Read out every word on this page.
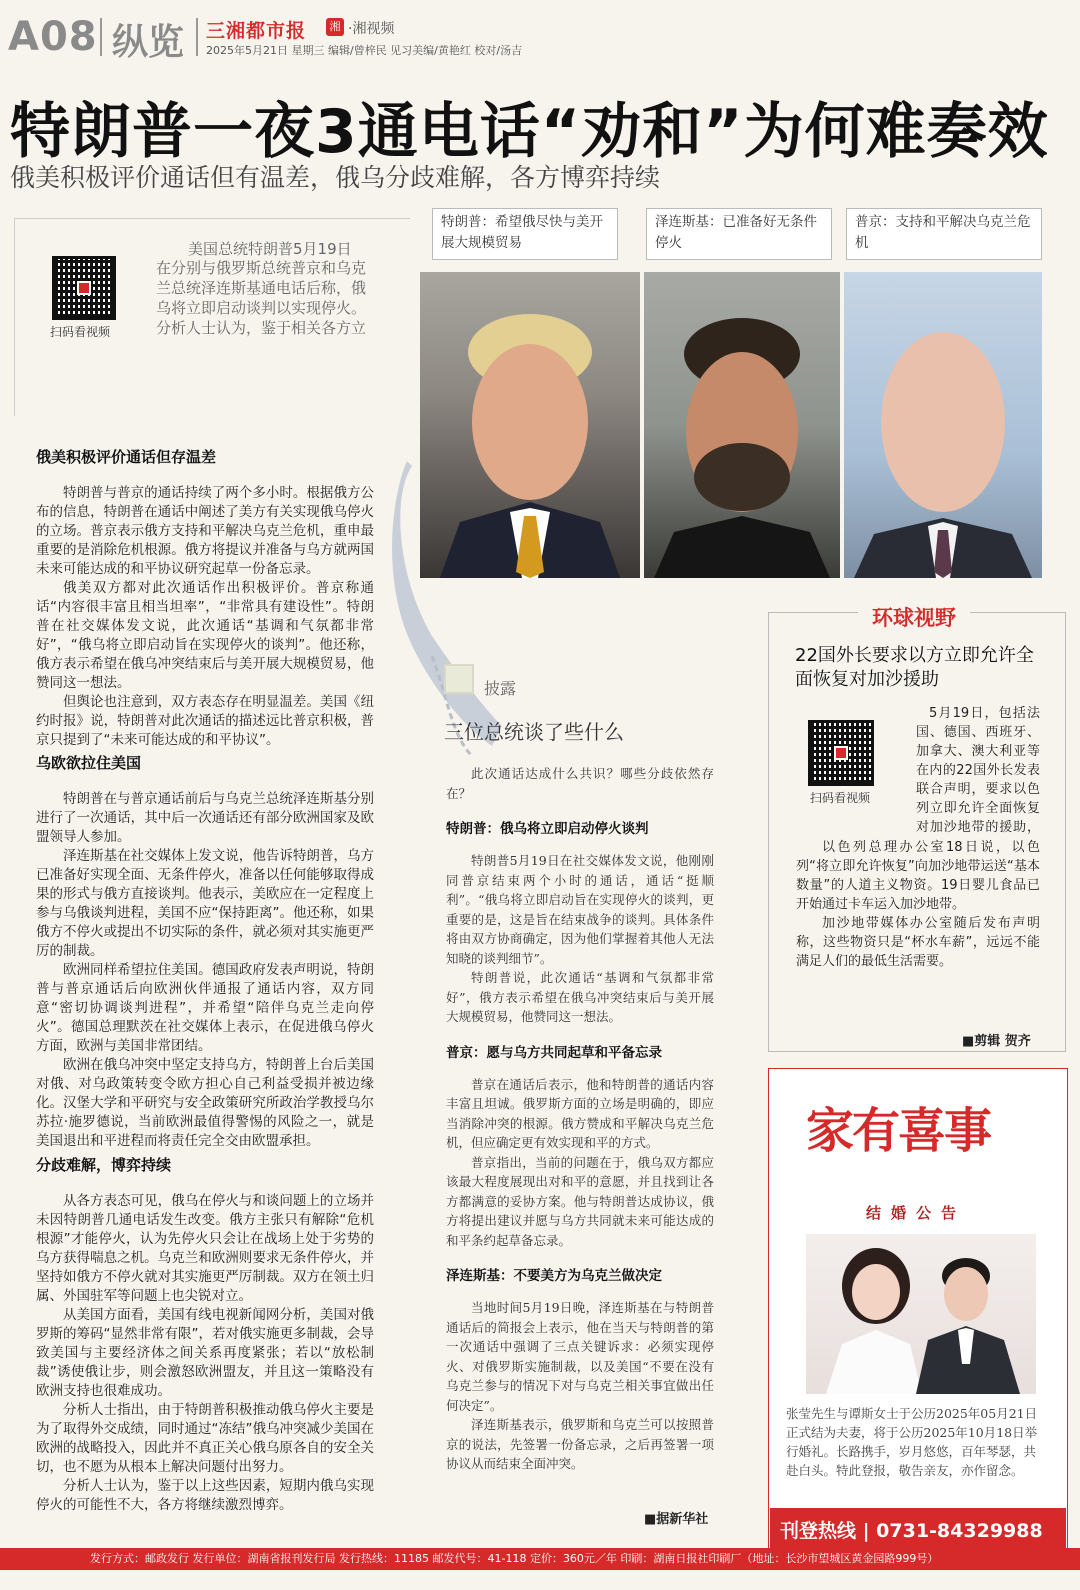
A08 纵览 三湘都市报	湘 ·湘视频
2025年5月21日 星期三 编辑/曾梓民 见习美编/黄艳红 校对/汤吉
特朗普一夜3通电话“劝和”为何难奏效
俄美积极评价通话但有温差，俄乌分歧难解，各方博弈持续
扫码看视频
美国总统特朗普5月19日
在分别与俄罗斯总统普京和乌克兰总统泽连斯基通电话后称，俄乌将立即启动谈判以实现停火。分析人士认为，鉴于相关各方立
俄美积极评价通话但存温差

特朗普与普京的通话持续了两个多小时。根据俄方公布的信息，特朗普在通话中阐述了美方有关实现俄乌停火的立场。普京表示俄方支持和平解决乌克兰危机，重申最重要的是消除危机根源。俄方将提议并准备与乌方就两国未来可能达成的和平协议研究起草一份备忘录。

俄美双方都对此次通话作出积极评价。普京称通话“内容很丰富且相当坦率”，“非常具有建设性”。特朗普在社交媒体发文说，此次通话“基调和气氛都非常好”，“俄乌将立即启动旨在实现停火的谈判”。他还称，俄方表示希望在俄乌冲突结束后与美开展大规模贸易，他赞同这一想法。

但舆论也注意到，双方表态存在明显温差。美国《纽约时报》说，特朗普对此次通话的描述远比普京积极，普京只提到了“未来可能达成的和平协议”。

乌欧欲拉住美国

特朗普在与普京通话前后与乌克兰总统泽连斯基分别进行了一次通话，其中后一次通话还有部分欧洲国家及欧盟领导人参加。

泽连斯基在社交媒体上发文说，他告诉特朗普，乌方已准备好实现全面、无条件停火，准备以任何能够取得成果的形式与俄方直接谈判。他表示，美欧应在一定程度上参与乌俄谈判进程，美国不应“保持距离”。他还称，如果俄方不停火或提出不切实际的条件，就必须对其实施更严厉的制裁。

欧洲同样希望拉住美国。德国政府发表声明说，特朗普与普京通话后向欧洲伙伴通报了通话内容，双方同意“密切协调谈判进程”，并希望“陪伴乌克兰走向停火”。德国总理默茨在社交媒体上表示，在促进俄乌停火方面，欧洲与美国非常团结。

欧洲在俄乌冲突中坚定支持乌方，特朗普上台后美国对俄、对乌政策转变令欧方担心自己利益受损并被边缘化。汉堡大学和平研究与安全政策研究所政治学教授乌尔苏拉·施罗德说，当前欧洲最值得警惕的风险之一，就是美国退出和平进程而将责任完全交由欧盟承担。

分歧难解，博弈持续

从各方表态可见，俄乌在停火与和谈问题上的立场并未因特朗普几通电话发生改变。俄方主张只有解除“危机根源”才能停火，认为先停火只会让在战场上处于劣势的乌方获得喘息之机。乌克兰和欧洲则要求无条件停火，并坚持如俄方不停火就对其实施更严厉制裁。双方在领土归属、外国驻军等问题上也尖锐对立。

从美国方面看，美国有线电视新闻网分析，美国对俄罗斯的筹码“显然非常有限”，若对俄实施更多制裁，会导致美国与主要经济体之间关系再度紧张；若以“放松制裁”诱使俄让步，则会激怒欧洲盟友，并且这一策略没有欧洲支持也很难成功。

分析人士指出，由于特朗普积极推动俄乌停火主要是为了取得外交成绩，同时通过“冻结”俄乌冲突减少美国在欧洲的战略投入，因此并不真正关心俄乌原各自的安全关切，也不愿为从根本上解决问题付出努力。

分析人士认为，鉴于以上这些因素，短期内俄乌实现停火的可能性不大，各方将继续激烈博弈。

特朗普：希望俄尽快与美开展大规模贸易
泽连斯基：已准备好无条件停火
普京：支持和平解决乌克兰危机
披露
三位总统谈了些什么

此次通话达成什么共识？哪些分歧依然存在？

特朗普：俄乌将立即启动停火谈判

特朗普5月19日在社交媒体发文说，他刚刚同普京结束两个小时的通话，通话“挺顺利”。“俄乌将立即启动旨在实现停火的谈判，更重要的是，这是旨在结束战争的谈判。具体条件将由双方协商确定，因为他们掌握着其他人无法知晓的谈判细节”。

特朗普说，此次通话“基调和气氛都非常好”，俄方表示希望在俄乌冲突结束后与美开展大规模贸易，他赞同这一想法。

普京：愿与乌方共同起草和平备忘录

普京在通话后表示，他和特朗普的通话内容丰富且坦诚。俄罗斯方面的立场是明确的，即应当消除冲突的根源。俄方赞成和平解决乌克兰危机，但应确定更有效实现和平的方式。

普京指出，当前的问题在于，俄乌双方都应该最大程度展现出对和平的意愿，并且找到让各方都满意的妥协方案。他与特朗普达成协议，俄方将提出建议并愿与乌方共同就未来可能达成的和平条约起草备忘录。

泽连斯基：不要美方为乌克兰做决定

当地时间5月19日晚，泽连斯基在与特朗普通话后的简报会上表示，他在当天与特朗普的第一次通话中强调了三点关键诉求：必须实现停火、对俄罗斯实施制裁，以及美国“不要在没有乌克兰参与的情况下对与乌克兰相关事宜做出任何决定”。

泽连斯基表示，俄罗斯和乌克兰可以按照普京的说法，先签署一份备忘录，之后再签署一项协议从而结束全面冲突。

■据新华社
环球视野
22国外长要求以方立即允许全面恢复对加沙援助
扫码看视频

5月19日，包括法国、德国、西班牙、加拿大、澳大利亚等在内的22国外长发表联合声明，要求以色列立即允许全面恢复对加沙地带的援助，

以色列总理办公室18日说，以色列“将立即允许恢复”向加沙地带运送“基本数量”的人道主义物资。19日婴儿食品已开始通过卡车运入加沙地带。

加沙地带媒体办公室随后发布声明称，这些物资只是“杯水车薪”，远远不能满足人们的最低生活需要。

■剪辑 贺齐
家有喜事
结婚公告
张莹先生与谭斯女士于公历2025年05月21日正式结为夫妻，将于公历2025年10月18日举行婚礼。长路携手，岁月悠悠，百年琴瑟，共赴白头。特此登报，敬告亲友，亦作留念。
刊登热线 | 0731-84329988
发行方式：邮政发行 发行单位：湖南省报刊发行局 发行热线：11185 邮发代号：41-118 定价：360元／年 印刷：湖南日报社印刷厂（地址：长沙市望城区黄金园路999号）
